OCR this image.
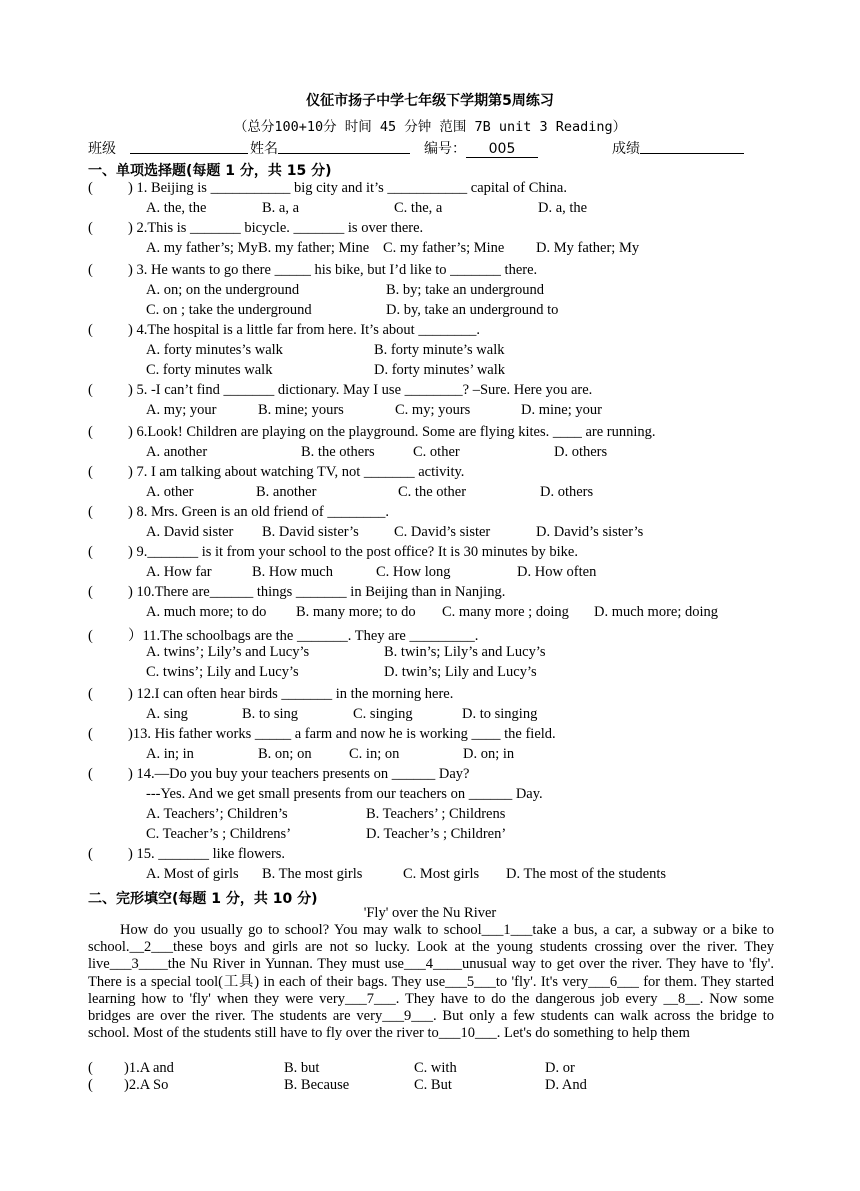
仪征市扬子中学七年级下学期第5周练习
（总分100+10分 时间 45 分钟 范围 7B unit 3 Reading）
班级	姓名	编号： 005	成绩
一、单项选择题(每题 1 分，共 15 分)
( ) 1. Beijing is ___________ big city and it’s ___________ capital of China.
A. the, the	B. a, a	C. the, a	D. a, the
( ) 2.This is _______ bicycle. _______ is over there.
A. my father’s; My B. my father; Mine C. my father’s; Mine D. My father; My
( ) 3. He wants to go there _____ his bike, but I’d like to _______ there.
A. on; on the underground	B. by; take an underground
C. on ; take the underground	D. by, take an underground to
( ) 4.The hospital is a little far from here. It’s about ________.
A. forty minutes’s walk	B. forty minute’s walk
C. forty minutes walk	D. forty minutes’ walk
( ) 5. -I can’t find _______ dictionary. May I use ________? –Sure. Here you are.
A. my; your	B. mine; yours	C. my; yours	D. mine; your
( ) 6.Look! Children are playing on the playground. Some are flying kites. ____ are running.
A. another	B. the others	C. other	D. others
( ) 7. I am talking about watching TV, not _______ activity.
A. other	B. another	C. the other	D. others
( ) 8. Mrs. Green is an old friend of ________.
A. David sister B. David sister’s C. David’s sister	D. David’s sister’s
( ) 9._______ is it from your school to the post office? It is 30 minutes by bike.
A. How far	B. How much	C. How long	D. How often
( ) 10.There are______ things _______ in Beijing than in Nanjing.
A. much more; to do B. many more; to do C. many more ; doing D. much more; doing
( ）11.The schoolbags are the _______. They are _________.
A. twins’; Lily’s and Lucy’s	B. twin’s; Lily’s and Lucy’s
C. twins’; Lily and Lucy’s	D. twin’s; Lily and Lucy’s
( ) 12.I can often hear birds _______ in the morning here.
A. sing	B. to sing	C. singing	D. to singing
( )13. His father works _____ a farm and now he is working ____ the field.
A. in; in	B. on; on	C. in; on	D. on; in
( ) 14.—Do you buy your teachers presents on ______ Day?
---Yes. And we get small presents from our teachers on ______ Day.
A. Teachers’; Children’s	B. Teachers’ ; Childrens
C. Teacher’s ; Childrens’	D. Teacher’s ; Children’
( ) 15. _______ like flowers.
A. Most of girls B. The most girls	C. Most girls D. The most of the students
二、完形填空(每题 1 分，共 10 分)
'Fly' over the Nu River

How do you usually go to school? You may walk to school___1___take a bus, a car, a subway or a bike to school.__2___these boys and girls are not so lucky. Look at the young students crossing over the river. They live___3____the Nu River in Yunnan. They must use___4____unusual way to get over the river. They have to 'fly'. There is a special tool(工具) in each of their bags. They use___5___to 'fly'. It's very___6___ for them. They started learning how to 'fly' when they were very___7___. They have to do the dangerous job every __8__. Now some bridges are over the river. The students are very___9___. But only a few students can walk across the bridge to school. Most of the students still have to fly over the river to___10___. Let's do something to help them

( )1.A and	B. but	C. with	D. or
( )2.A So	B. Because	C. But	D. And
